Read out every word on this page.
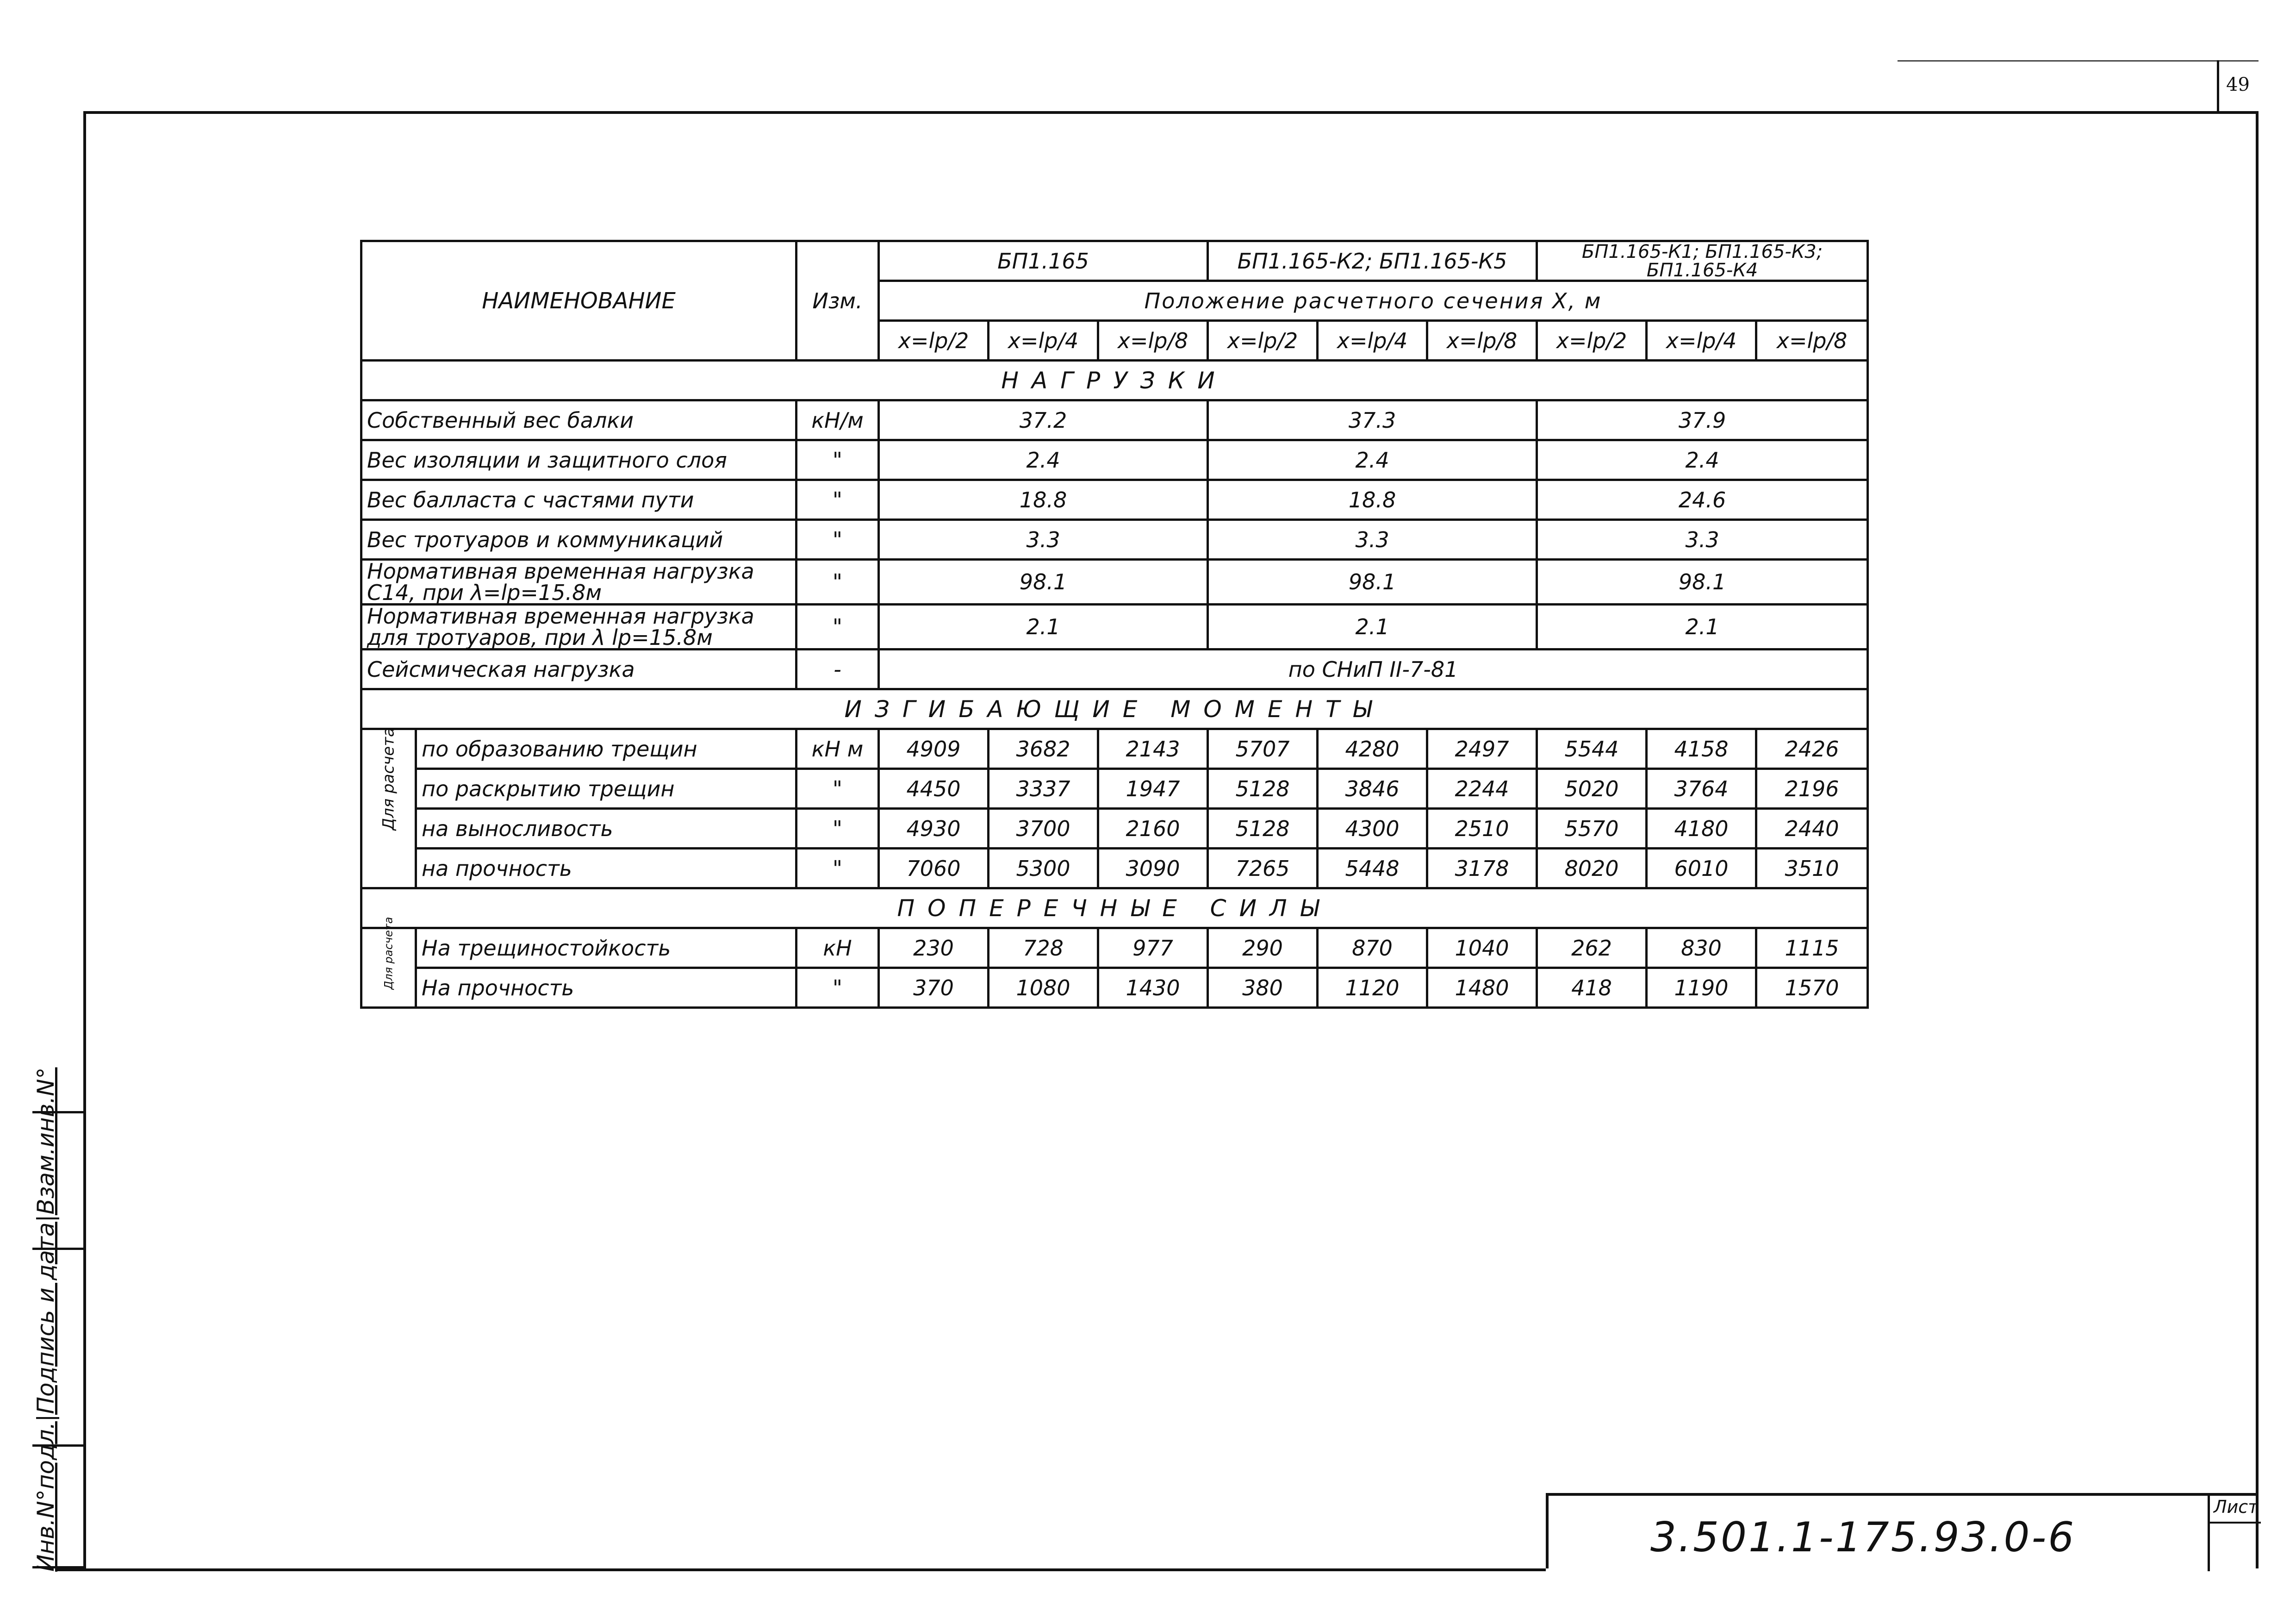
49
Инв.N°подл.|Подпись и дата|Взам.инв.N°
НАИМЕНОВАНИЕ		Изм.	БП1.165			БП1.165-К2; БП1.165-К5			БП1.165-К1; БП1.165-К3; БП1.165-К4		
			Положение расчетного сечения X, м								
			x=lp/2	x=lp/4	x=lp/8	x=lp/2	x=lp/4	x=lp/8	x=lp/2	x=lp/4	x=lp/8
НАГРУЗКИ											
Собственный вес балки		кН/м	37.2			37.3			37.9		
Вес изоляции и защитного слоя		"	2.4			2.4			2.4		
Вес балласта с частями пути		"	18.8			18.8			24.6		
Вес тротуаров и коммуникаций		"	3.3			3.3			3.3		
Нормативная временная нагрузка С14, при λ=lp=15.8м		"	98.1			98.1			98.1		
Нормативная временная нагрузка для тротуаров, при λ lp=15.8м		"	2.1			2.1			2.1		
Сейсмическая нагрузка		-	по СНиП II-7-81								
ИЗГИБАЮЩИЕ МОМЕНТЫ											

Для расчета	по образованию трещин	кН м	4909	3682	2143	5707	4280	2497	5544	4158	2426
	по раскрытию трещин	"	4450	3337	1947	5128	3846	2244	5020	3764	2196
	на выносливость	"	4930	3700	2160	5128	4300	2510	5570	4180	2440
	на прочность	"	7060	5300	3090	7265	5448	3178	8020	6010	3510
ПОПЕРЕЧНЫЕ СИЛЫ											

Для расчета	На трещиностойкость	кН	230	728	977	290	870	1040	262	830	1115
	На прочность	"	370	1080	1430	380	1120	1480	418	1190	1570
3.501.1-175.93.0-6
Лист
